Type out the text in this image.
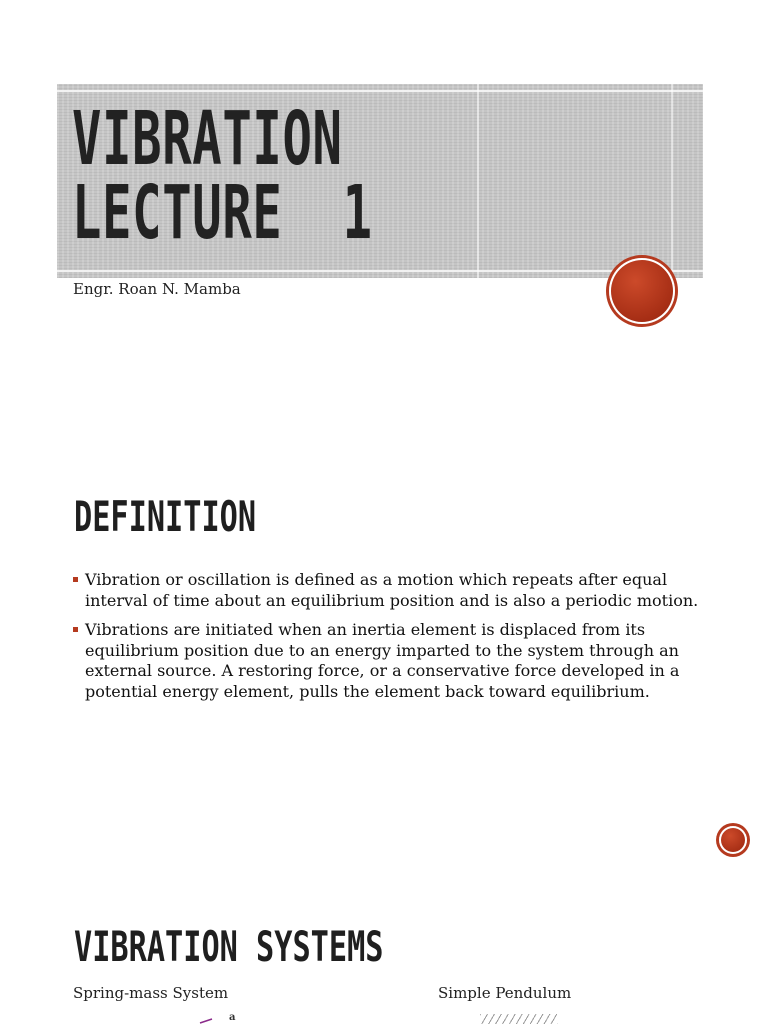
VIBRATION
LECTURE  1

Engr. Roan N. Mamba

DEFINITION
Vibration or oscillation is defined as a motion which repeats after equal interval of time about an equilibrium position and is also a periodic motion.
Vibrations are initiated when an inertia element is displaced from its equilibrium position due to an energy imparted to the system through an external source. A restoring force, or a conservative force developed in a potential energy element, pulls the element back toward equilibrium.
VIBRATION SYSTEMS

Spring-mass System	Simple Pendulum

a
